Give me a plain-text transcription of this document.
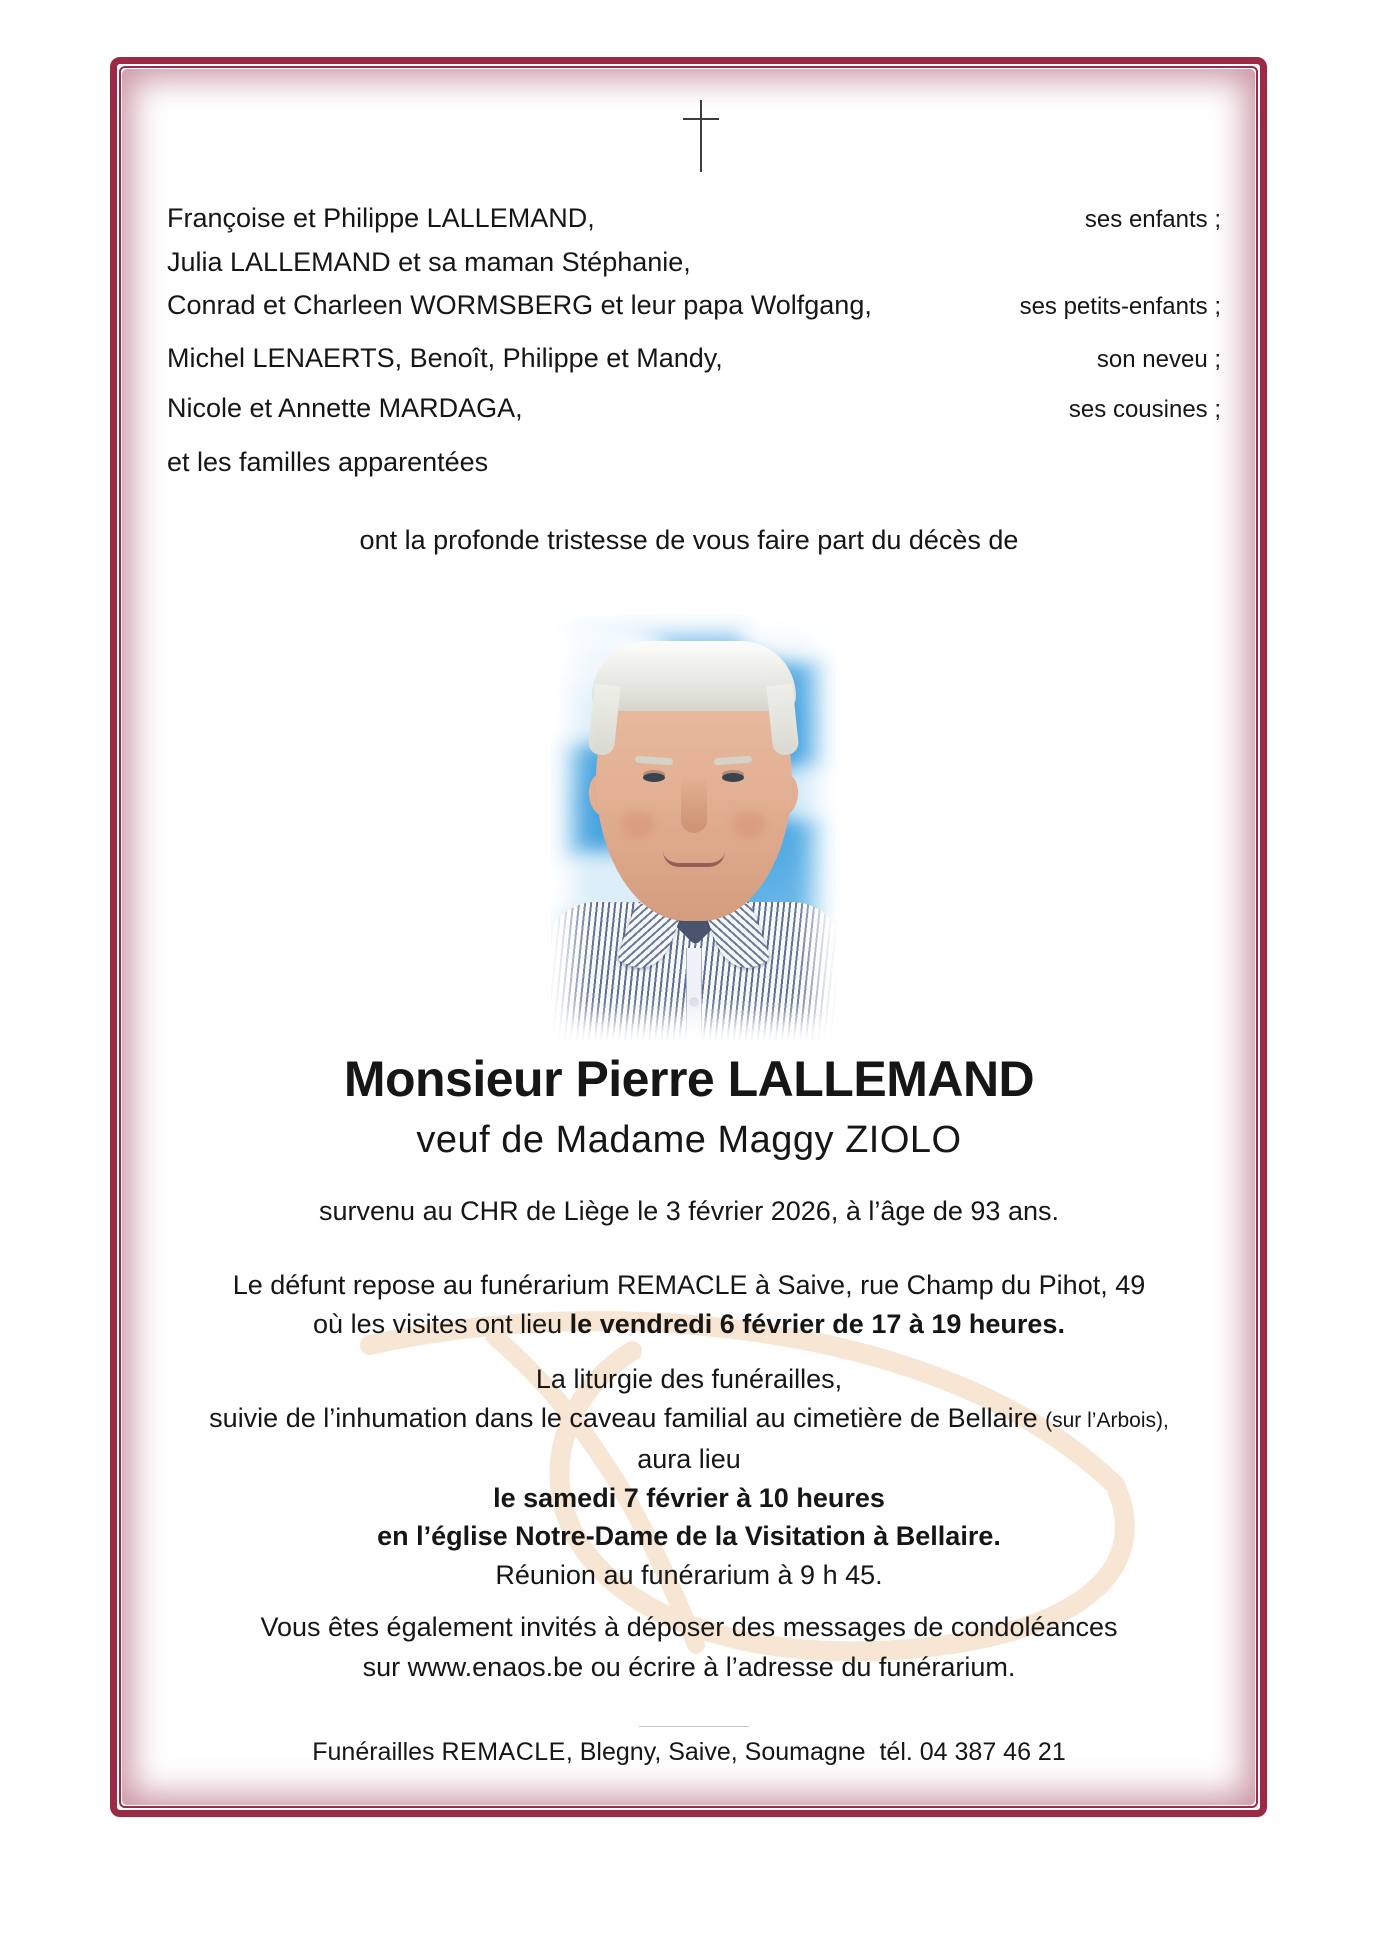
Françoise et Philippe LALLEMAND,	ses enfants ;
Julia LALLEMAND et sa maman Stéphanie,
Conrad et Charleen WORMSBERG et leur papa Wolfgang,	ses petits-enfants ;
Michel LENAERTS, Benoît, Philippe et Mandy,	son neveu ;
Nicole et Annette MARDAGA,	ses cousines ;
et les familles apparentées
ont la profonde tristesse de vous faire part du décès de
Monsieur Pierre LALLEMAND
veuf de Madame Maggy ZIOLO
survenu au CHR de Liège le 3 février 2026, à l’âge de 93 ans.
Le défunt repose au funérarium REMACLE à Saive, rue Champ du Pihot, 49
où les visites ont lieu le vendredi 6 février de 17 à 19 heures.
La liturgie des funérailles,
suivie de l’inhumation dans le caveau familial au cimetière de Bellaire (sur l’Arbois),
aura lieu
le samedi 7 février à 10 heures
en l’église Notre-Dame de la Visitation à Bellaire.
Réunion au funérarium à 9 h 45.
Vous êtes également invités à déposer des messages de condoléances
sur www.enaos.be ou écrire à l’adresse du funérarium.
Funérailles REMACLE, Blegny, Saive, Soumagne  tél. 04 387 46 21
